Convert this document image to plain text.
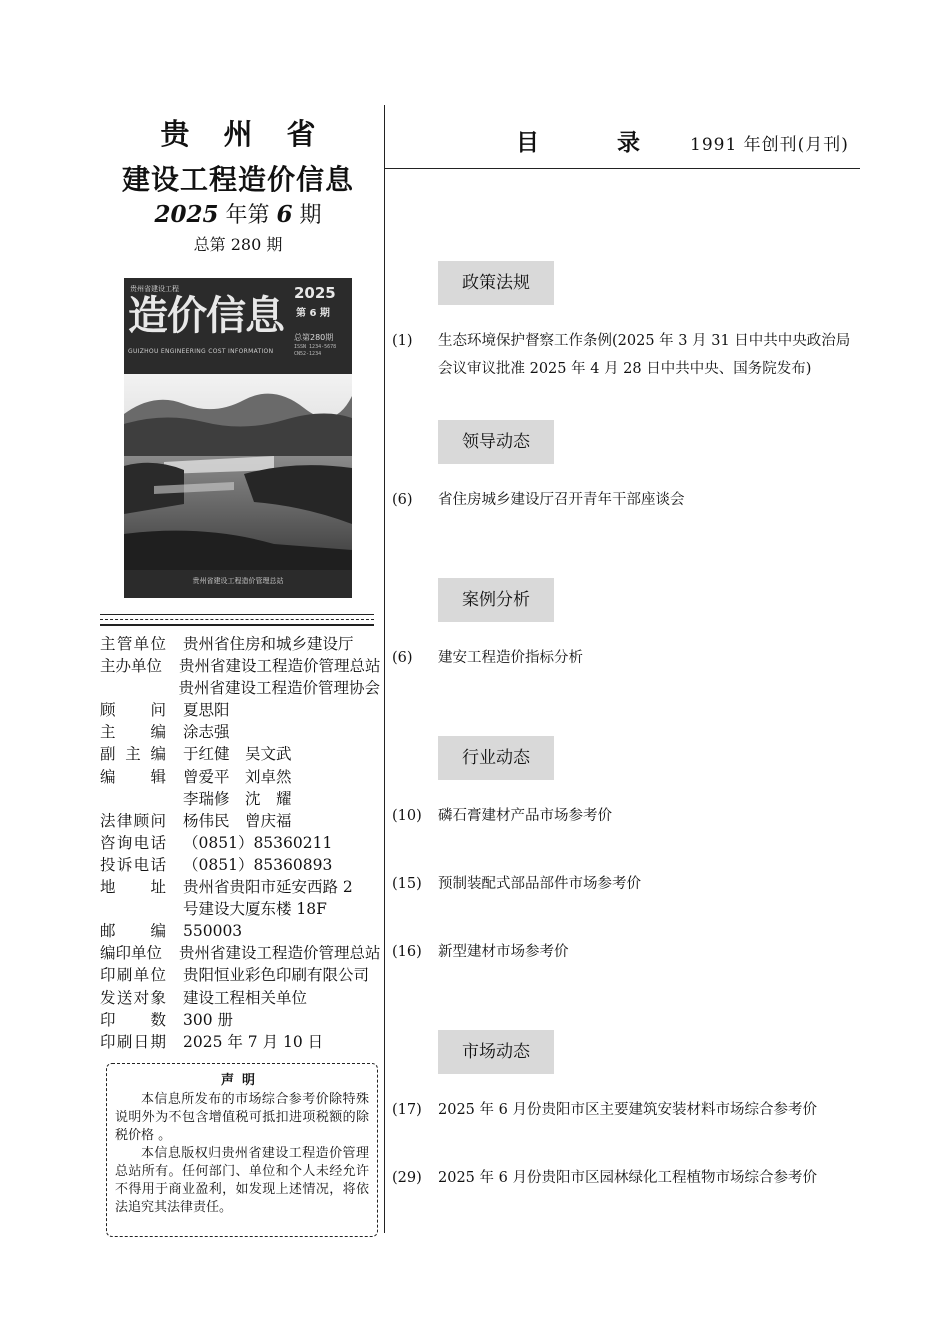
贵州省
建设工程造价信息
2025 年第 6 期
总第 280 期
贵州省建设工程
造价信息 2025
第 6 期
总第280期
GUIZHOU ENGINEERING COST INFORMATION
ISSN 1234-5678 CN52-1234
贵州省建设工程造价管理总站
主管单位 贵州省住房和城乡建设厅
主办单位 贵州省建设工程造价管理总站
贵州省建设工程造价管理协会
顾问 夏思阳
主编 涂志强
副主编 于红健　吴文武
编辑 曾爱平　刘卓然
李瑞修　沈　耀
法律顾问 杨伟民　曾庆福
咨询电话 （0851）85360211
投诉电话 （0851）85360893
地址 贵州省贵阳市延安西路 2
号建设大厦东楼 18F
邮编 550003
编印单位 贵州省建设工程造价管理总站
印刷单位 贵阳恒业彩色印刷有限公司
发送对象 建设工程相关单位
印数 300 册
印刷日期 2025 年 7 月 10 日
声明
本信息所发布的市场综合参考价除特殊说明外为不包含增值税可抵扣进项税额的除税价格 。
本信息版权归贵州省建设工程造价管理总站所有。任何部门、单位和个人未经允许不得用于商业盈利，如发现上述情况，将依法追究其法律责任。
目录
1991 年创刊(月刊)
政策法规
(1)	生态环境保护督察工作条例(2025 年 3 月 31 日中共中央政治局会议审议批准 2025 年 4 月 28 日中共中央、国务院发布)
领导动态
(6)	省住房城乡建设厅召开青年干部座谈会
案例分析
(6)	建安工程造价指标分析
行业动态
(10)	磷石膏建材产品市场参考价
(15)	预制装配式部品部件市场参考价
(16)	新型建材市场参考价
市场动态
(17)	2025 年 6 月份贵阳市区主要建筑安装材料市场综合参考价
(29)	2025 年 6 月份贵阳市区园林绿化工程植物市场综合参考价
